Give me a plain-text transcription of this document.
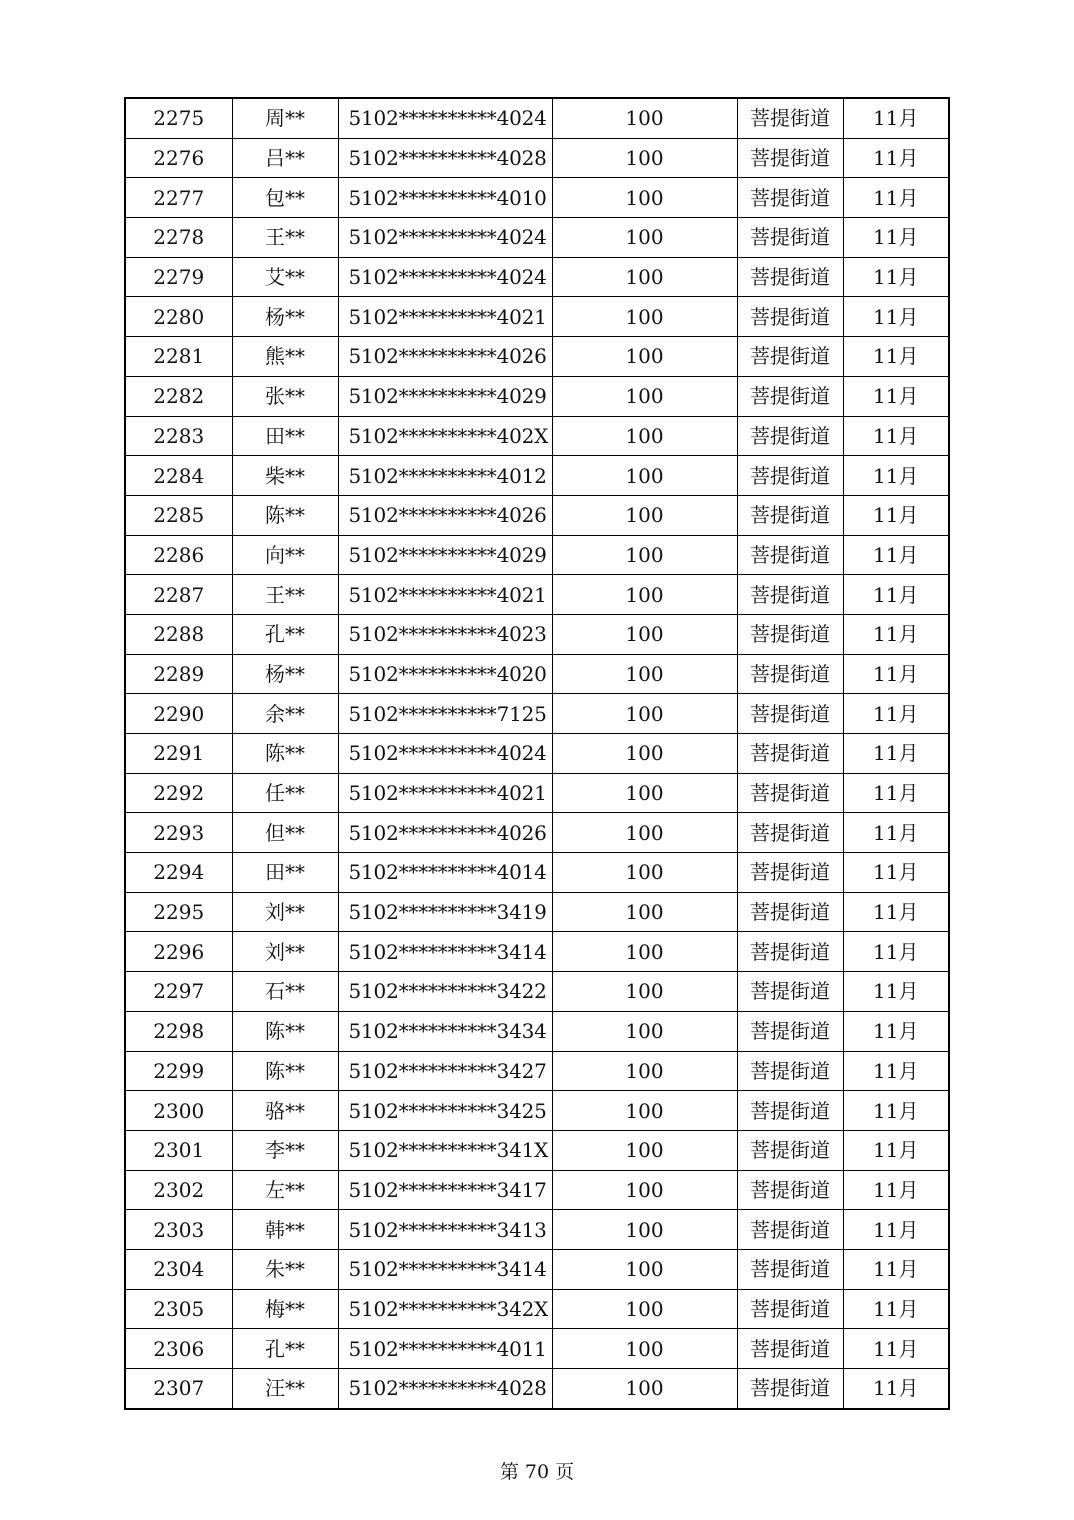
2275	周**	5102**********4024	100	菩提街道	11月
2276	吕**	5102**********4028	100	菩提街道	11月
2277	包**	5102**********4010	100	菩提街道	11月
2278	王**	5102**********4024	100	菩提街道	11月
2279	艾**	5102**********4024	100	菩提街道	11月
2280	杨**	5102**********4021	100	菩提街道	11月
2281	熊**	5102**********4026	100	菩提街道	11月
2282	张**	5102**********4029	100	菩提街道	11月
2283	田**	5102**********402X	100	菩提街道	11月
2284	柴**	5102**********4012	100	菩提街道	11月
2285	陈**	5102**********4026	100	菩提街道	11月
2286	向**	5102**********4029	100	菩提街道	11月
2287	王**	5102**********4021	100	菩提街道	11月
2288	孔**	5102**********4023	100	菩提街道	11月
2289	杨**	5102**********4020	100	菩提街道	11月
2290	余**	5102**********7125	100	菩提街道	11月
2291	陈**	5102**********4024	100	菩提街道	11月
2292	任**	5102**********4021	100	菩提街道	11月
2293	但**	5102**********4026	100	菩提街道	11月
2294	田**	5102**********4014	100	菩提街道	11月
2295	刘**	5102**********3419	100	菩提街道	11月
2296	刘**	5102**********3414	100	菩提街道	11月
2297	石**	5102**********3422	100	菩提街道	11月
2298	陈**	5102**********3434	100	菩提街道	11月
2299	陈**	5102**********3427	100	菩提街道	11月
2300	骆**	5102**********3425	100	菩提街道	11月
2301	李**	5102**********341X	100	菩提街道	11月
2302	左**	5102**********3417	100	菩提街道	11月
2303	韩**	5102**********3413	100	菩提街道	11月
2304	朱**	5102**********3414	100	菩提街道	11月
2305	梅**	5102**********342X	100	菩提街道	11月
2306	孔**	5102**********4011	100	菩提街道	11月
2307	汪**	5102**********4028	100	菩提街道	11月
第 70 页
